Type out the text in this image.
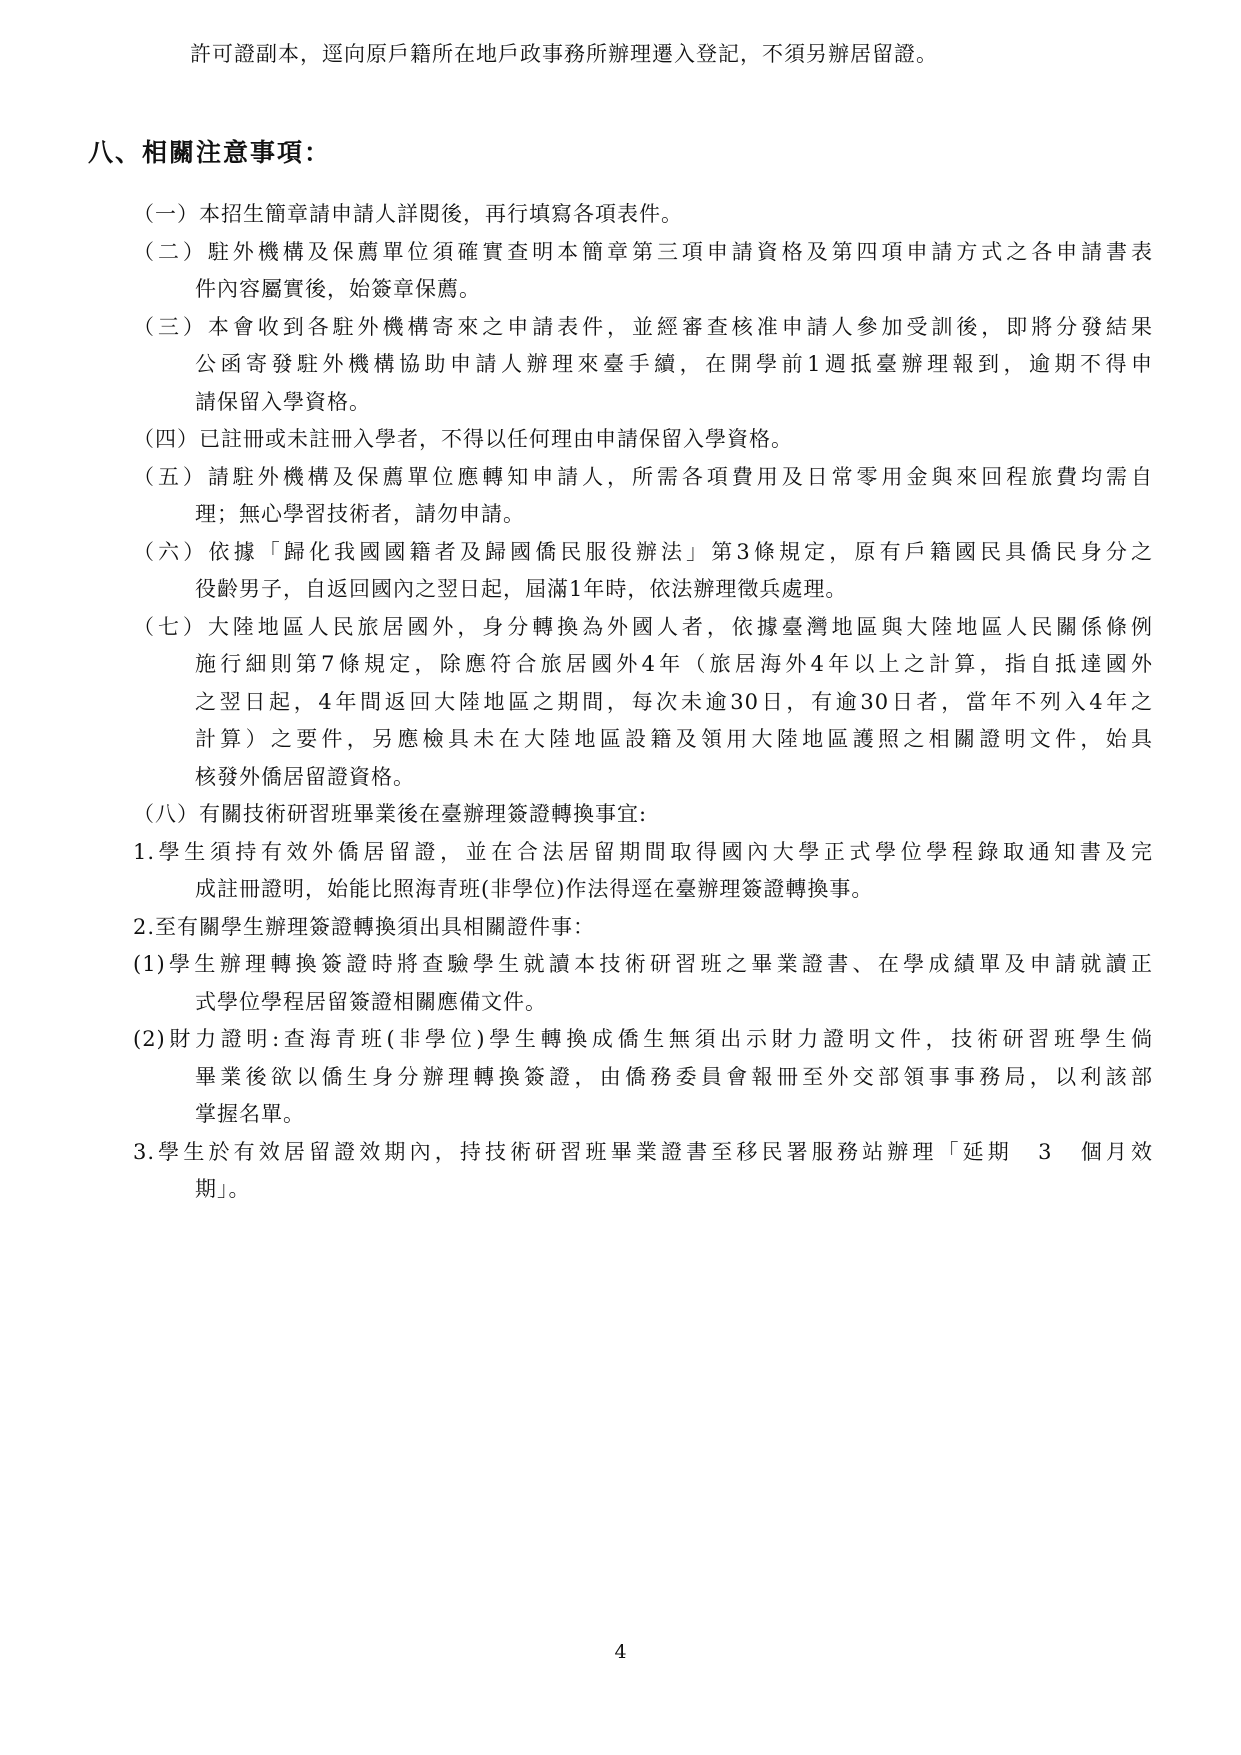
許可證副本，逕向原戶籍所在地戶政事務所辦理遷入登記，不須另辦居留證。
八、相關注意事項：
（一）本招生簡章請申請人詳閱後，再行填寫各項表件。
（二）駐外機構及保薦單位須確實查明本簡章第三項申請資格及第四項申請方式之各申請書表
件內容屬實後，始簽章保薦。
（三）本會收到各駐外機構寄來之申請表件，並經審查核准申請人參加受訓後，即將分發結果
公函寄發駐外機構協助申請人辦理來臺手續，在開學前1週抵臺辦理報到，逾期不得申
請保留入學資格。
（四）已註冊或未註冊入學者，不得以任何理由申請保留入學資格。
（五）請駐外機構及保薦單位應轉知申請人，所需各項費用及日常零用金與來回程旅費均需自
理；無心學習技術者，請勿申請。
（六）依據「歸化我國國籍者及歸國僑民服役辦法」第3條規定，原有戶籍國民具僑民身分之
役齡男子，自返回國內之翌日起，屆滿1年時，依法辦理徵兵處理。
（七）大陸地區人民旅居國外，身分轉換為外國人者，依據臺灣地區與大陸地區人民關係條例
施行細則第7條規定，除應符合旅居國外4年（旅居海外4年以上之計算，指自抵達國外
之翌日起，4年間返回大陸地區之期間，每次未逾30日，有逾30日者，當年不列入4年之
計算）之要件，另應檢具未在大陸地區設籍及領用大陸地區護照之相關證明文件，始具
核發外僑居留證資格。
（八）有關技術研習班畢業後在臺辦理簽證轉換事宜:
1.學生須持有效外僑居留證，並在合法居留期間取得國內大學正式學位學程錄取通知書及完
成註冊證明，始能比照海青班(非學位)作法得逕在臺辦理簽證轉換事。
2.至有關學生辦理簽證轉換須出具相關證件事：
(1)學生辦理轉換簽證時將查驗學生就讀本技術研習班之畢業證書、在學成績單及申請就讀正
式學位學程居留簽證相關應備文件。
(2)財力證明:查海青班(非學位)學生轉換成僑生無須出示財力證明文件，技術研習班學生倘
畢業後欲以僑生身分辦理轉換簽證，由僑務委員會報冊至外交部領事事務局，以利該部
掌握名單。
3.學生於有效居留證效期內，持技術研習班畢業證書至移民署服務站辦理「延期　3　個月效
期」。
4
